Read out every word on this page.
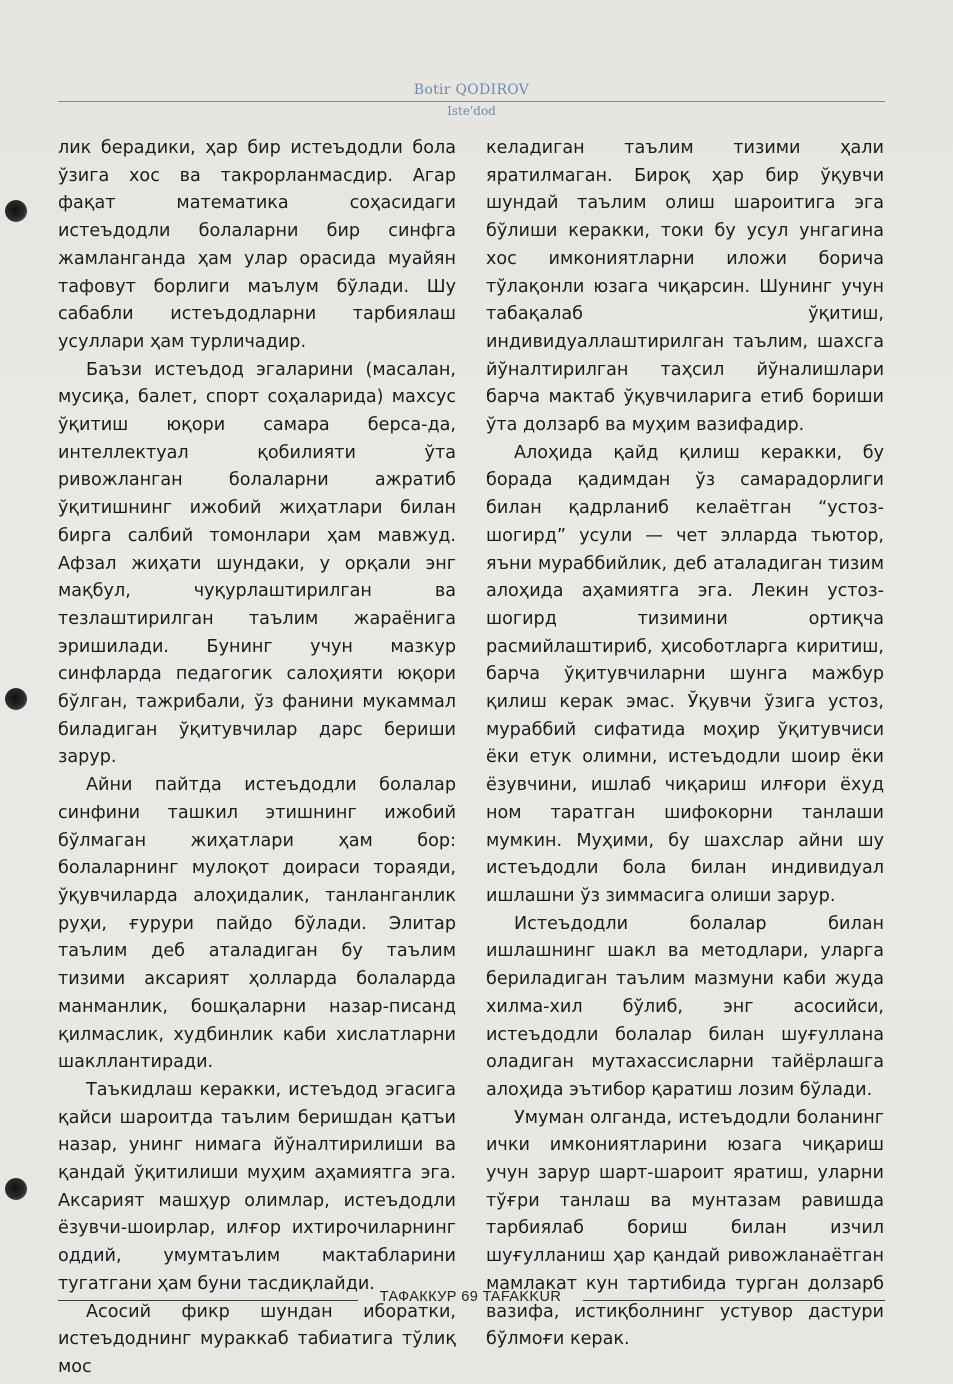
Botir QODIROV
Iste'dod

лик берадики, ҳар бир истеъдодли бола ўзига хос ва такрорланмасдир. Агар фақат математика соҳасидаги истеъдодли болаларни бир синфга жамланганда ҳам улар орасида муайян тафовут борлиги маълум бўлади. Шу сабабли истеъдодларни тарбиялаш усуллари ҳам турличадир.

Баъзи истеъдод эгаларини (масалан, мусиқа, балет, спорт соҳаларида) махсус ўқитиш юқори самара берса-да, интеллектуал қобилияти ўта ривожланган болаларни ажратиб ўқитишнинг ижобий жиҳатлари билан бирга салбий томонлари ҳам мавжуд. Афзал жиҳати шундаки, у орқали энг мақбул, чуқурлаштирилган ва тезлаштирилган таълим жараёнига эришилади. Бунинг учун мазкур синфларда педагогик салоҳияти юқори бўлган, тажрибали, ўз фанини мукаммал биладиган ўқитувчилар дарс бериши зарур.

Айни пайтда истеъдодли болалар синфини ташкил этишнинг ижобий бўлмаган жиҳатлари ҳам бор: болаларнинг мулоқот доираси тораяди, ўқувчиларда алоҳидалик, танланганлик руҳи, ғурури пайдо бўлади. Элитар таълим деб аталадиган бу таълим тизими аксарият ҳолларда болаларда манманлик, бошқаларни назар-писанд қилмаслик, худбинлик каби хислатларни шакллантиради.

Таъкидлаш керакки, истеъдод эгасига қайси шароитда таълим беришдан қатъи назар, унинг нимага йўналтирилиши ва қандай ўқитилиши муҳим аҳамиятга эга. Аксарият машҳур олимлар, истеъдодли ёзувчи-шоирлар, илғор ихтирочиларнинг оддий, умумтаълим мактабларини тугатгани ҳам буни тасдиқлайди.

Асосий фикр шундан иборатки, истеъдоднинг мураккаб табиатига тўлиқ мос

келадиган таълим тизими ҳали яратилмаган. Бироқ ҳар бир ўқувчи шундай таълим олиш шароитига эга бўлиши керакки, токи бу усул унгагина хос имкониятларни иложи борича тўлақонли юзага чиқарсин. Шунинг учун табақалаб ўқитиш, индивидуаллаштирилган таълим, шахсга йўналтирилган таҳсил йўналишлари барча мактаб ўқувчиларига етиб бориши ўта долзарб ва муҳим вазифадир.

Алоҳида қайд қилиш керакки, бу борада қадимдан ўз самарадорлиги билан қадрланиб келаётган “устоз-шогирд” усули — чет элларда тьютор, яъни мураббийлик, деб аталадиган тизим алоҳида аҳамиятга эга. Лекин устоз-шогирд тизимини ортиқча расмийлаштириб, ҳисоботларга киритиш, барча ўқитувчиларни шунга мажбур қилиш керак эмас. Ўқувчи ўзига устоз, мураббий сифатида моҳир ўқитувчиси ёки етук олимни, истеъдодли шоир ёки ёзувчини, ишлаб чиқариш илғори ёхуд ном таратган шифокорни танлаши мумкин. Муҳими, бу шахслар айни шу истеъдодли бола билан индивидуал ишлашни ўз зиммасига олиши зарур.

Истеъдодли болалар билан ишлашнинг шакл ва методлари, уларга бериладиган таълим мазмуни каби жуда хилма-хил бўлиб, энг асосийси, истеъдодли болалар билан шуғуллана оладиган мутахассисларни тайёрлашга алоҳида эътибор қаратиш лозим бўлади.

Умуман олганда, истеъдодли боланинг ички имкониятларини юзага чиқариш учун зарур шарт-шароит яратиш, уларни тўғри танлаш ва мунтазам равишда тарбиялаб бориш билан изчил шуғулланиш ҳар қандай ривожланаётган мамлакат кун тартибида турган долзарб вазифа, истиқболнинг устувор дастури бўлмоғи керак.

ТАФАККУР 69 TAFAKKUR
